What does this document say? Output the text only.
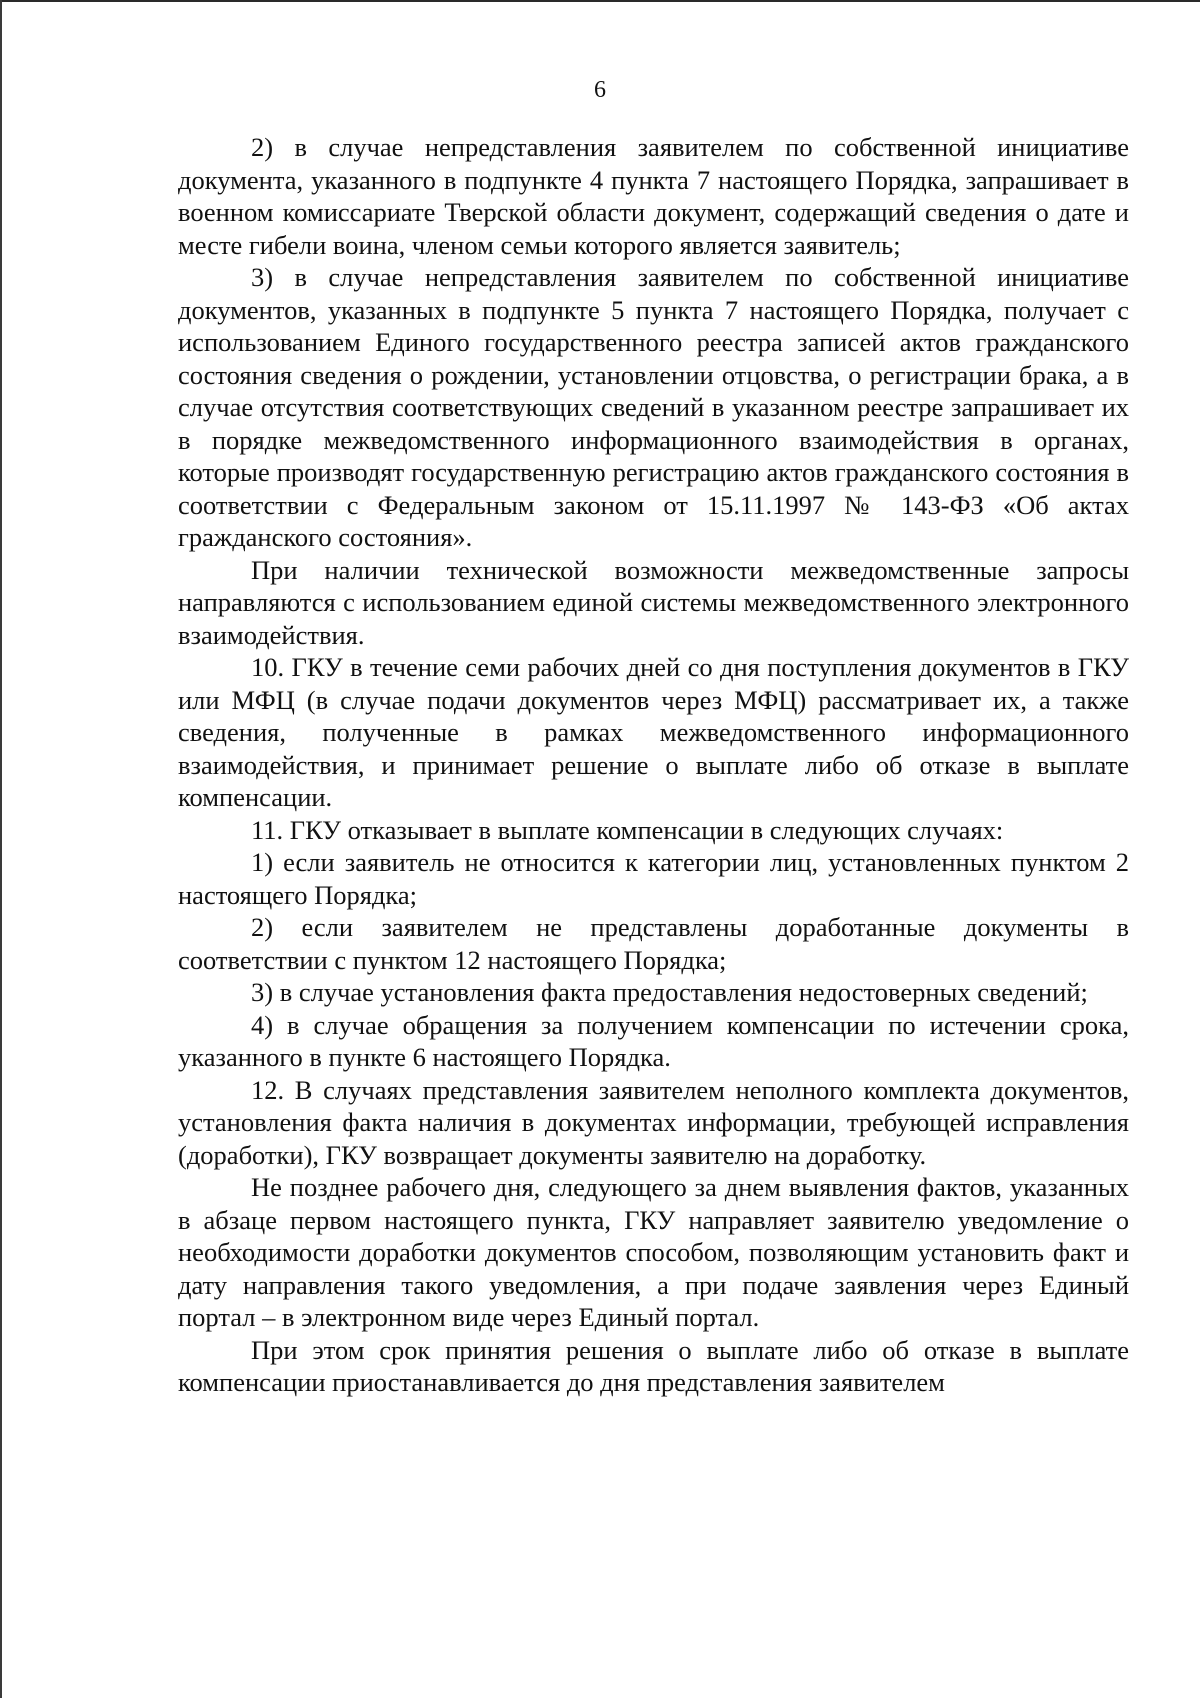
6

2) в случае непредставления заявителем по собственной инициативе документа, указанного в подпункте 4 пункта 7 настоящего Порядка, запрашивает в военном комиссариате Тверской области документ, содержащий сведения о дате и месте гибели воина, членом семьи которого является заявитель;

3) в случае непредставления заявителем по собственной инициативе документов, указанных в подпункте 5 пункта 7 настоящего Порядка, получает с использованием Единого государственного реестра записей актов гражданского состояния сведения о рождении, установлении отцовства, о регистрации брака, а в случае отсутствия соответствующих сведений в указанном реестре запрашивает их в порядке межведомственного информационного взаимодействия в органах, которые производят государственную регистрацию актов гражданского состояния в соответствии с Федеральным законом от 15.11.1997 № 143-ФЗ «Об актах гражданского состояния».

При наличии технической возможности межведомственные запросы направляются с использованием единой системы межведомственного электронного взаимодействия.

10. ГКУ в течение семи рабочих дней со дня поступления документов в ГКУ или МФЦ (в случае подачи документов через МФЦ) рассматривает их, а также сведения, полученные в рамках межведомственного информационного взаимодействия, и принимает решение о выплате либо об отказе в выплате компенсации.

11. ГКУ отказывает в выплате компенсации в следующих случаях:

1) если заявитель не относится к категории лиц, установленных пунктом 2 настоящего Порядка;

2) если заявителем не представлены доработанные документы в соответствии с пунктом 12 настоящего Порядка;

3) в случае установления факта предоставления недостоверных сведений;

4) в случае обращения за получением компенсации по истечении срока, указанного в пункте 6 настоящего Порядка.

12. В случаях представления заявителем неполного комплекта документов, установления факта наличия в документах информации, требующей исправления (доработки), ГКУ возвращает документы заявителю на доработку.

Не позднее рабочего дня, следующего за днем выявления фактов, указанных в абзаце первом настоящего пункта, ГКУ направляет заявителю уведомление о необходимости доработки документов способом, позволяющим установить факт и дату направления такого уведомления, а при подаче заявления через Единый портал – в электронном виде через Единый портал.

При этом срок принятия решения о выплате либо об отказе в выплате компенсации приостанавливается до дня представления заявителем
